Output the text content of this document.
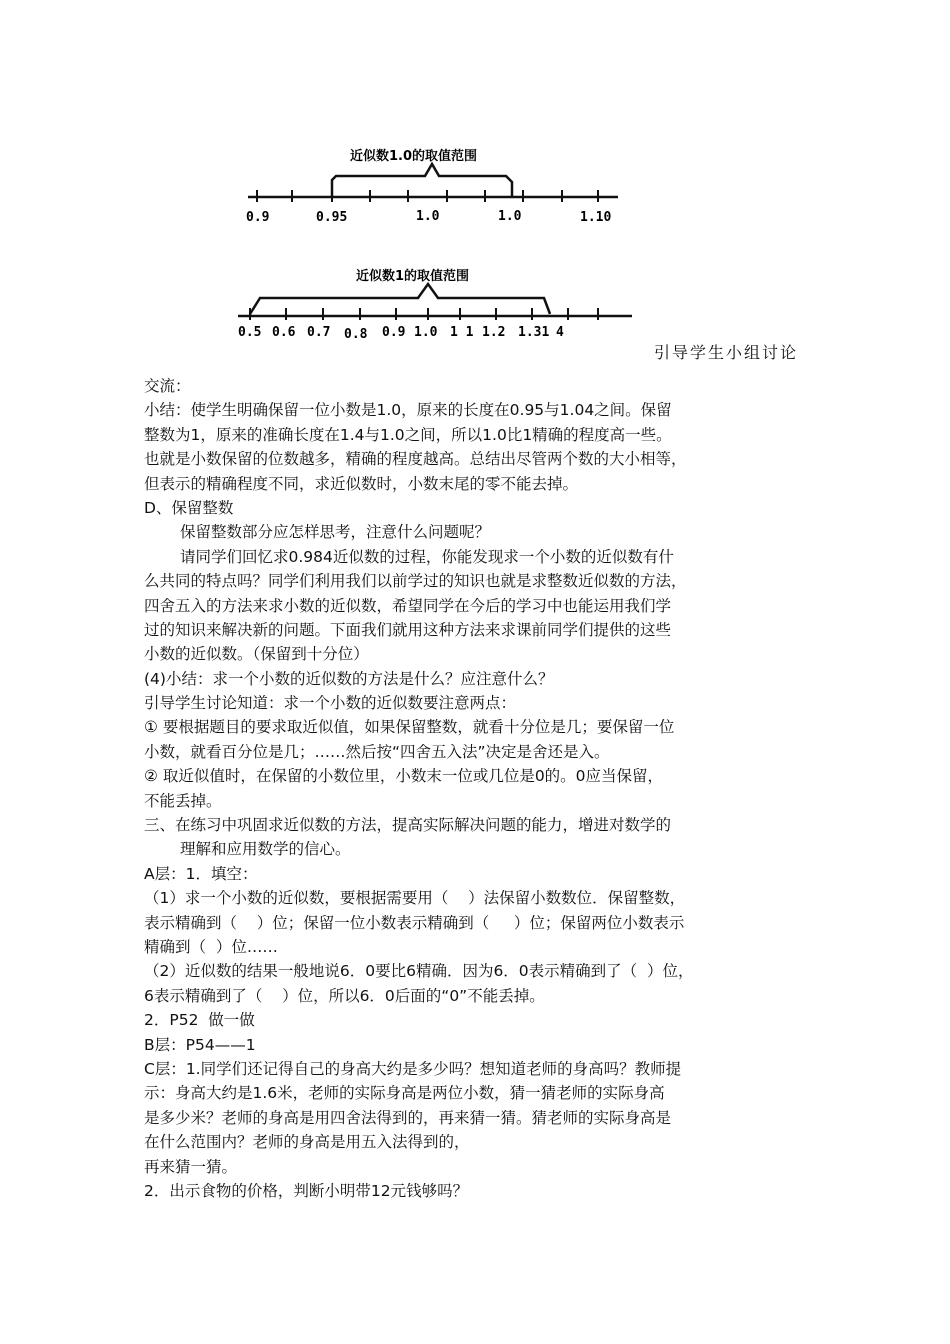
近似数1.0的取值范围
0.9	0.95	1.0	1.0	1.10
近似数1的取值范围
0.5 0.6 0.7 0.8 0.9 1.0 1 1 1.2 1.31 4
引导学生小组讨论
交流：
小结：使学生明确保留一位小数是1.0，原来的长度在0.95与1.04之间。保留
整数为1，原来的准确长度在1.4与1.0之间，所以1.0比1精确的程度高一些。
也就是小数保留的位数越多，精确的程度越高。总结出尽管两个数的大小相等，
但表示的精确程度不同，求近似数时，小数末尾的零不能去掉。
D、保留整数
保留整数部分应怎样思考，注意什么问题呢？
请同学们回忆求0.984近似数的过程，你能发现求一个小数的近似数有什
么共同的特点吗？同学们利用我们以前学过的知识也就是求整数近似数的方法，
四舍五入的方法来求小数的近似数，希望同学在今后的学习中也能运用我们学
过的知识来解决新的问题。下面我们就用这种方法来求课前同学们提供的这些
小数的近似数。（保留到十分位）
(4)小结：求一个小数的近似数的方法是什么？应注意什么？
引导学生讨论知道：求一个小数的近似数要注意两点：
① 要根据题目的要求取近似值，如果保留整数，就看十分位是几；要保留一位
小数，就看百分位是几；……然后按“四舍五入法”决定是舍还是入。
② 取近似值时，在保留的小数位里，小数末一位或几位是0的。0应当保留，
不能丢掉。
三、在练习中巩固求近似数的方法，提高实际解决问题的能力，增进对数学的
理解和应用数学的信心。
A层：1．填空：
（1）求一个小数的近似数，要根据需要用（    ）法保留小数数位．保留整数，
表示精确到（    ）位；保留一位小数表示精确到（     ）位；保留两位小数表示
精确到（  ）位……
（2）近似数的结果一般地说6．0要比6精确．因为6．0表示精确到了（  ）位，
6表示精确到了（    ）位，所以6．0后面的“0”不能丢掉。
2．P52  做一做
B层：P54——1
C层：1.同学们还记得自己的身高大约是多少吗？想知道老师的身高吗？教师提
示：身高大约是1.6米，老师的实际身高是两位小数，猜一猜老师的实际身高
是多少米？老师的身高是用四舍法得到的，再来猜一猜。猜老师的实际身高是
在什么范围内？老师的身高是用五入法得到的，
再来猜一猜。
2．出示食物的价格，判断小明带12元钱够吗？
